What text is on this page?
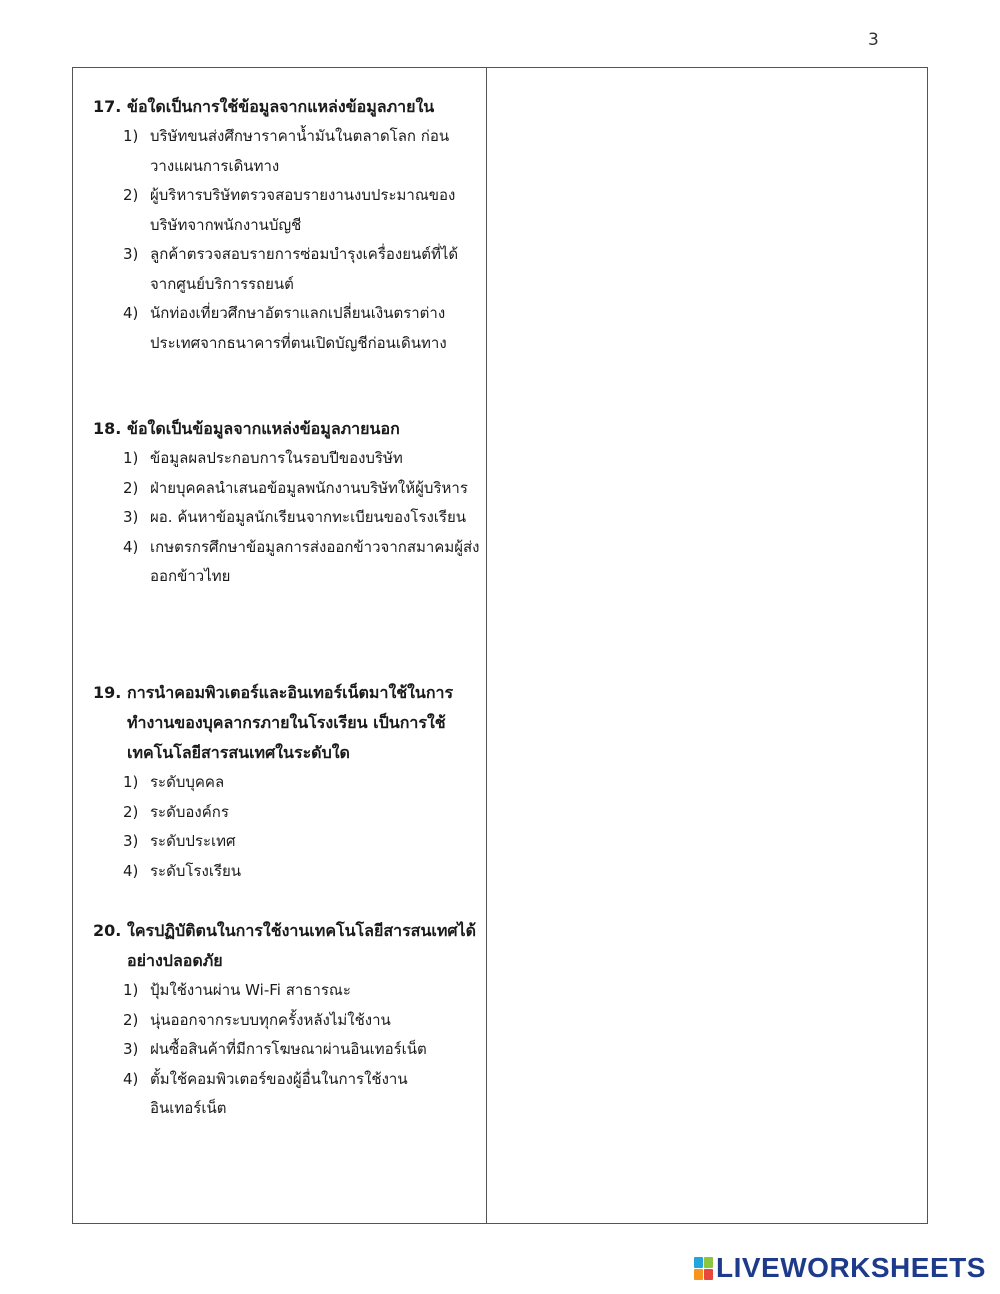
3
17. ข้อใดเป็นการใช้ข้อมูลจากแหล่งข้อมูลภายใน
1) บริษัทขนส่งศึกษาราคาน้ำมันในตลาดโลก ก่อนวางแผนการเดินทาง
2) ผู้บริหารบริษัทตรวจสอบรายงานงบประมาณของบริษัทจากพนักงานบัญชี
3) ลูกค้าตรวจสอบรายการซ่อมบำรุงเครื่องยนต์ที่ได้จากศูนย์บริการรถยนต์
4) นักท่องเที่ยวศึกษาอัตราแลกเปลี่ยนเงินตราต่างประเทศจากธนาคารที่ตนเปิดบัญชีก่อนเดินทาง
18. ข้อใดเป็นข้อมูลจากแหล่งข้อมูลภายนอก
1) ข้อมูลผลประกอบการในรอบปีของบริษัท
2) ฝ่ายบุคคลนำเสนอข้อมูลพนักงานบริษัทให้ผู้บริหาร
3) ผอ. ค้นหาข้อมูลนักเรียนจากทะเบียนของโรงเรียน
4) เกษตรกรศึกษาข้อมูลการส่งออกข้าวจากสมาคมผู้ส่งออกข้าวไทย
19. การนำคอมพิวเตอร์และอินเทอร์เน็ตมาใช้ในการทำงานของบุคลากรภายในโรงเรียน เป็นการใช้เทคโนโลยีสารสนเทศในระดับใด
1) ระดับบุคคล
2) ระดับองค์กร
3) ระดับประเทศ
4) ระดับโรงเรียน
20. ใครปฏิบัติตนในการใช้งานเทคโนโลยีสารสนเทศได้อย่างปลอดภัย
1) ปุ้มใช้งานผ่าน Wi-Fi สาธารณะ
2) นุ่นออกจากระบบทุกครั้งหลังไม่ใช้งาน
3) ฝนซื้อสินค้าที่มีการโฆษณาผ่านอินเทอร์เน็ต
4) ตั้มใช้คอมพิวเตอร์ของผู้อื่นในการใช้งานอินเทอร์เน็ต
LIVEWORKSHEETS
